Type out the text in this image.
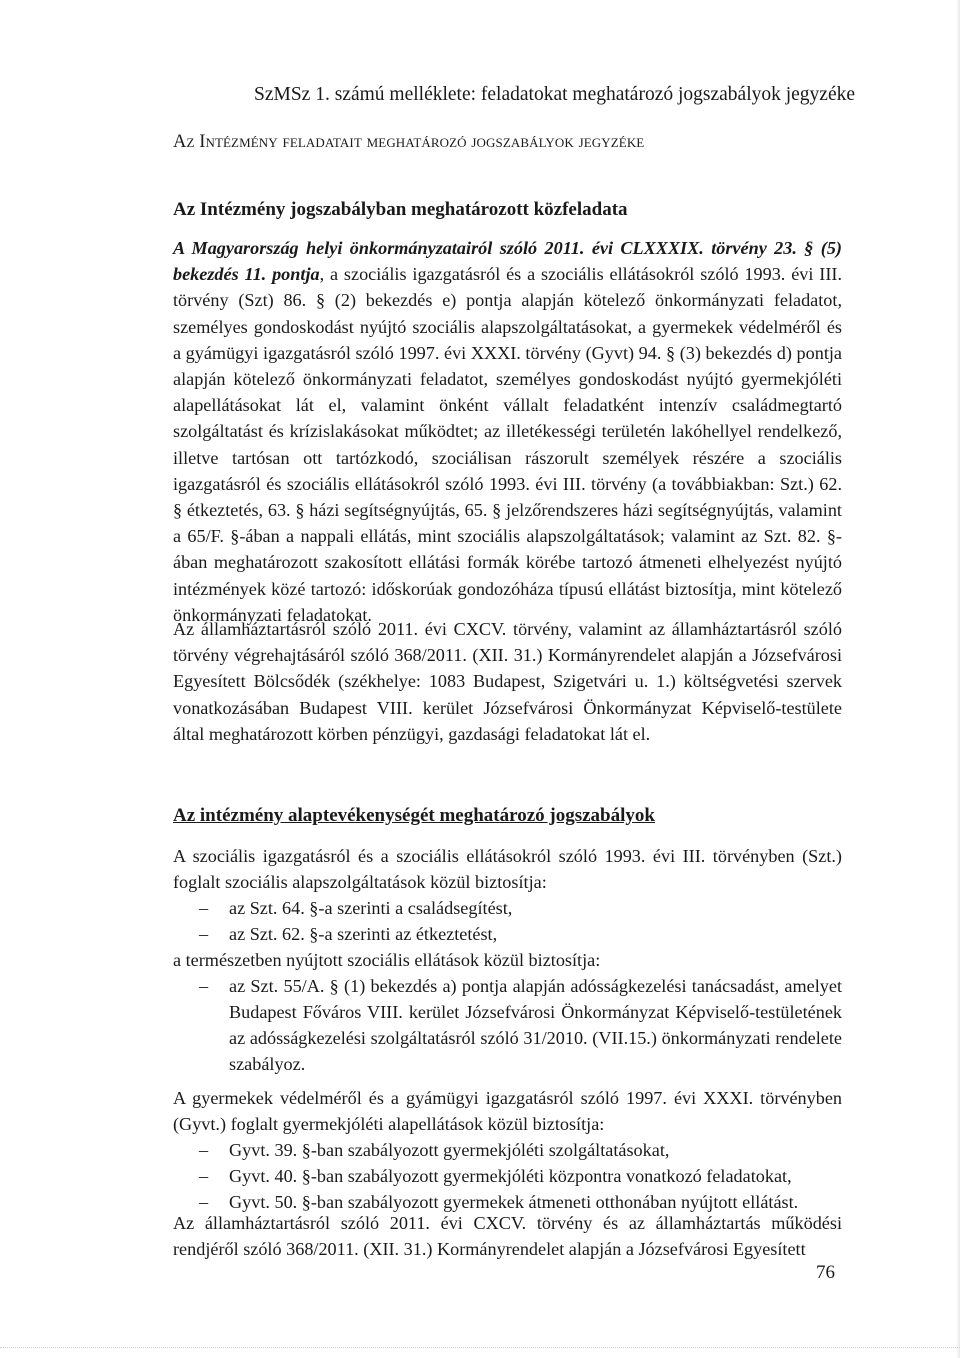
SzMSz 1. számú melléklete: feladatokat meghatározó jogszabályok jegyzéke
Az Intézmény feladatait meghatározó jogszabályok jegyzéke
Az Intézmény jogszabályban meghatározott közfeladata
A Magyarország helyi önkormányzatairól szóló 2011. évi CLXXXIX. törvény 23. § (5) bekezdés 11. pontja, a szociális igazgatásról és a szociális ellátásokról szóló 1993. évi III. törvény (Szt) 86. § (2) bekezdés e) pontja alapján kötelező önkormányzati feladatot, személyes gondoskodást nyújtó szociális alapszolgáltatásokat, a gyermekek védelméről és a gyámügyi igazgatásról szóló 1997. évi XXXI. törvény (Gyvt) 94. § (3) bekezdés d) pontja alapján kötelező önkormányzati feladatot, személyes gondoskodást nyújtó gyermekjóléti alapellátásokat lát el, valamint önként vállalt feladatként intenzív családmegtartó szolgáltatást és krízislakásokat működtet; az illetékességi területén lakóhellyel rendelkező, illetve tartósan ott tartózkodó, szociálisan rászorult személyek részére a szociális igazgatásról és szociális ellátásokról szóló 1993. évi III. törvény (a továbbiakban: Szt.) 62. § étkeztetés, 63. § házi segítségnyújtás, 65. § jelzőrendszeres házi segítségnyújtás, valamint a 65/F. §-ában a nappali ellátás, mint szociális alapszolgáltatások; valamint az Szt. 82. §-ában meghatározott szakosított ellátási formák körébe tartozó átmeneti elhelyezést nyújtó intézmények közé tartozó: időskorúak gondozóháza típusú ellátást biztosítja, mint kötelező önkormányzati feladatokat.
Az államháztartásról szóló 2011. évi CXCV. törvény, valamint az államháztartásról szóló törvény végrehajtásáról szóló 368/2011. (XII. 31.) Kormányrendelet alapján a Józsefvárosi Egyesített Bölcsődék (székhelye: 1083 Budapest, Szigetvári u. 1.) költségvetési szervek vonatkozásában Budapest VIII. kerület Józsefvárosi Önkormányzat Képviselő-testülete által meghatározott körben pénzügyi, gazdasági feladatokat lát el.
Az intézmény alaptevékenységét meghatározó jogszabályok
A szociális igazgatásról és a szociális ellátásokról szóló 1993. évi III. törvényben (Szt.) foglalt szociális alapszolgáltatások közül biztosítja:
– az Szt. 64. §-a szerinti a családsegítést,
– az Szt. 62. §-a szerinti az étkeztetést,
a természetben nyújtott szociális ellátások közül biztosítja:
– az Szt. 55/A. § (1) bekezdés a) pontja alapján adósságkezelési tanácsadást, amelyet Budapest Főváros VIII. kerület Józsefvárosi Önkormányzat Képviselő-testületének az adósságkezelési szolgáltatásról szóló 31/2010. (VII.15.) önkormányzati rendelete szabályoz.
A gyermekek védelméről és a gyámügyi igazgatásról szóló 1997. évi XXXI. törvényben (Gyvt.) foglalt gyermekjóléti alapellátások közül biztosítja:
– Gyvt. 39. §-ban szabályozott gyermekjóléti szolgáltatásokat,
– Gyvt. 40. §-ban szabályozott gyermekjóléti központra vonatkozó feladatokat,
– Gyvt. 50. §-ban szabályozott gyermekek átmeneti otthonában nyújtott ellátást.
Az államháztartásról szóló 2011. évi CXCV. törvény és az államháztartás működési rendjéről szóló 368/2011. (XII. 31.) Kormányrendelet alapján a Józsefvárosi Egyesített
76
